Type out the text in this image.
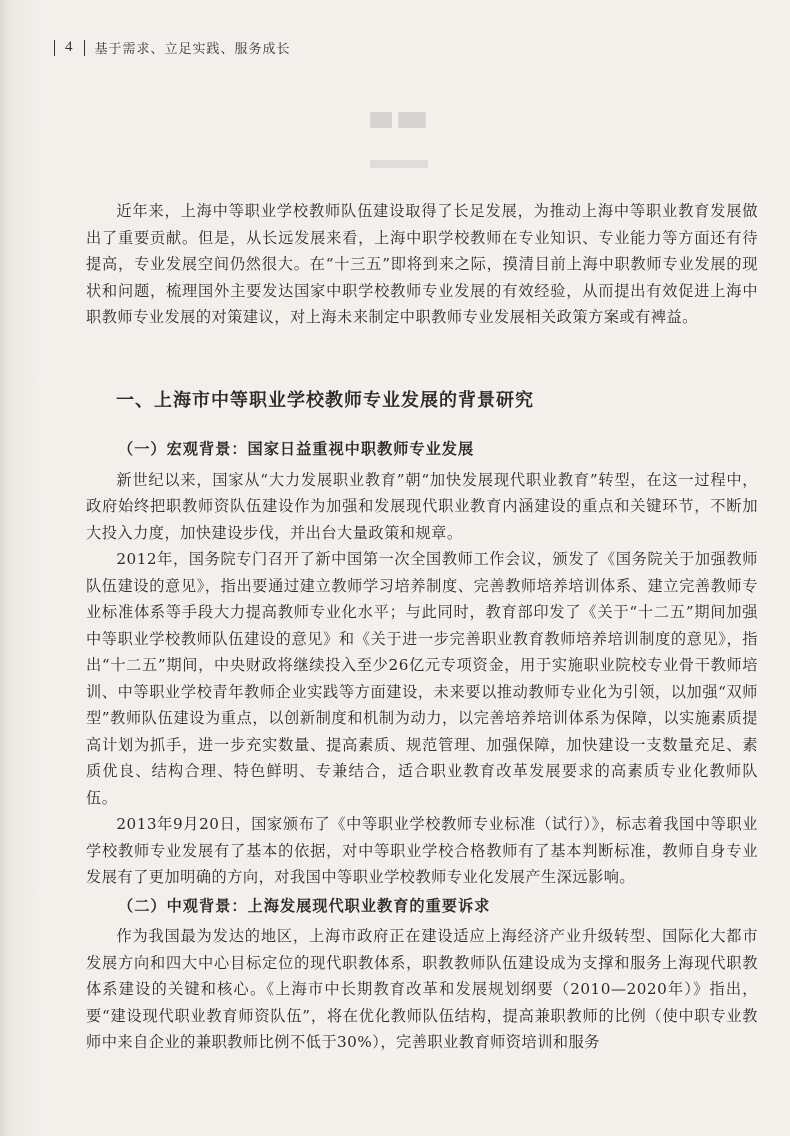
4 基于需求、立足实践、服务成长

近年来，上海中等职业学校教师队伍建设取得了长足发展，为推动上海中等职业教育发展做出了重要贡献。但是，从长远发展来看，上海中职学校教师在专业知识、专业能力等方面还有待提高，专业发展空间仍然很大。在“十三五”即将到来之际，摸清目前上海中职教师专业发展的现状和问题，梳理国外主要发达国家中职学校教师专业发展的有效经验，从而提出有效促进上海中职教师专业发展的对策建议，对上海未来制定中职教师专业发展相关政策方案或有裨益。

一、上海市中等职业学校教师专业发展的背景研究
（一）宏观背景：国家日益重视中职教师专业发展

新世纪以来，国家从“大力发展职业教育”朝“加快发展现代职业教育”转型，在这一过程中，政府始终把职教师资队伍建设作为加强和发展现代职业教育内涵建设的重点和关键环节，不断加大投入力度，加快建设步伐，并出台大量政策和规章。

2012年，国务院专门召开了新中国第一次全国教师工作会议，颁发了《国务院关于加强教师队伍建设的意见》，指出要通过建立教师学习培养制度、完善教师培养培训体系、建立完善教师专业标准体系等手段大力提高教师专业化水平；与此同时，教育部印发了《关于“十二五”期间加强中等职业学校教师队伍建设的意见》和《关于进一步完善职业教育教师培养培训制度的意见》，指出“十二五”期间，中央财政将继续投入至少26亿元专项资金，用于实施职业院校专业骨干教师培训、中等职业学校青年教师企业实践等方面建设，未来要以推动教师专业化为引领，以加强“双师型”教师队伍建设为重点，以创新制度和机制为动力，以完善培养培训体系为保障，以实施素质提高计划为抓手，进一步充实数量、提高素质、规范管理、加强保障，加快建设一支数量充足、素质优良、结构合理、特色鲜明、专兼结合，适合职业教育改革发展要求的高素质专业化教师队伍。

2013年9月20日，国家颁布了《中等职业学校教师专业标准（试行）》，标志着我国中等职业学校教师专业发展有了基本的依据，对中等职业学校合格教师有了基本判断标准，教师自身专业发展有了更加明确的方向，对我国中等职业学校教师专业化发展产生深远影响。

（二）中观背景：上海发展现代职业教育的重要诉求

作为我国最为发达的地区，上海市政府正在建设适应上海经济产业升级转型、国际化大都市发展方向和四大中心目标定位的现代职教体系，职教教师队伍建设成为支撑和服务上海现代职教体系建设的关键和核心。《上海市中长期教育改革和发展规划纲要（2010—2020年）》指出，要“建设现代职业教育师资队伍”，将在优化教师队伍结构，提高兼职教师的比例（使中职专业教师中来自企业的兼职教师比例不低于30%），完善职业教育师资培训和服务
